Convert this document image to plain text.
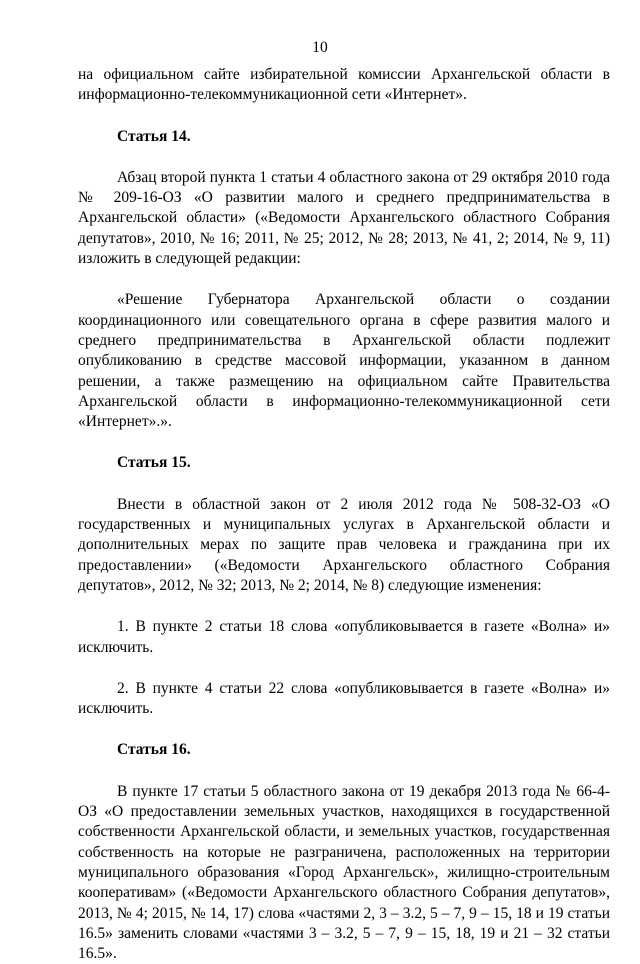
10

на официальном сайте избирательной комиссии Архангельской области в информационно-телекоммуникационной сети «Интернет».

Статья 14.

Абзац второй пункта 1 статьи 4 областного закона от 29 октября 2010 года № 209-16-ОЗ «О развитии малого и среднего предпринимательства в Архангельской области» («Ведомости Архангельского областного Собрания депутатов», 2010, № 16; 2011, № 25; 2012, № 28; 2013, № 41, 2; 2014, № 9, 11) изложить в следующей редакции:

«Решение Губернатора Архангельской области о создании координационного или совещательного органа в сфере развития малого и среднего предпринимательства в Архангельской области подлежит опубликованию в средстве массовой информации, указанном в данном решении, а также размещению на официальном сайте Правительства Архангельской области в информационно-телекоммуникационной сети «Интернет».».

Статья 15.

Внести в областной закон от 2 июля 2012 года № 508-32-ОЗ «О государственных и муниципальных услугах в Архангельской области и дополнительных мерах по защите прав человека и гражданина при их предоставлении» («Ведомости Архангельского областного Собрания депутатов», 2012, № 32; 2013, № 2; 2014, № 8) следующие изменения:

1. В пункте 2 статьи 18 слова «опубликовывается в газете «Волна» и» исключить.

2. В пункте 4 статьи 22 слова «опубликовывается в газете «Волна» и» исключить.

Статья 16.

В пункте 17 статьи 5 областного закона от 19 декабря 2013 года № 66-4-ОЗ «О предоставлении земельных участков, находящихся в государственной собственности Архангельской области, и земельных участков, государственная собственность на которые не разграничена, расположенных на территории муниципального образования «Город Архангельск», жилищно-строительным кооперативам» («Ведомости Архангельского областного Собрания депутатов», 2013, № 4; 2015, № 14, 17) слова «частями 2, 3 – 3.2, 5 – 7, 9 – 15, 18 и 19 статьи 16.5» заменить словами «частями 3 – 3.2, 5 – 7, 9 – 15, 18, 19 и 21 – 32 статьи 16.5».
